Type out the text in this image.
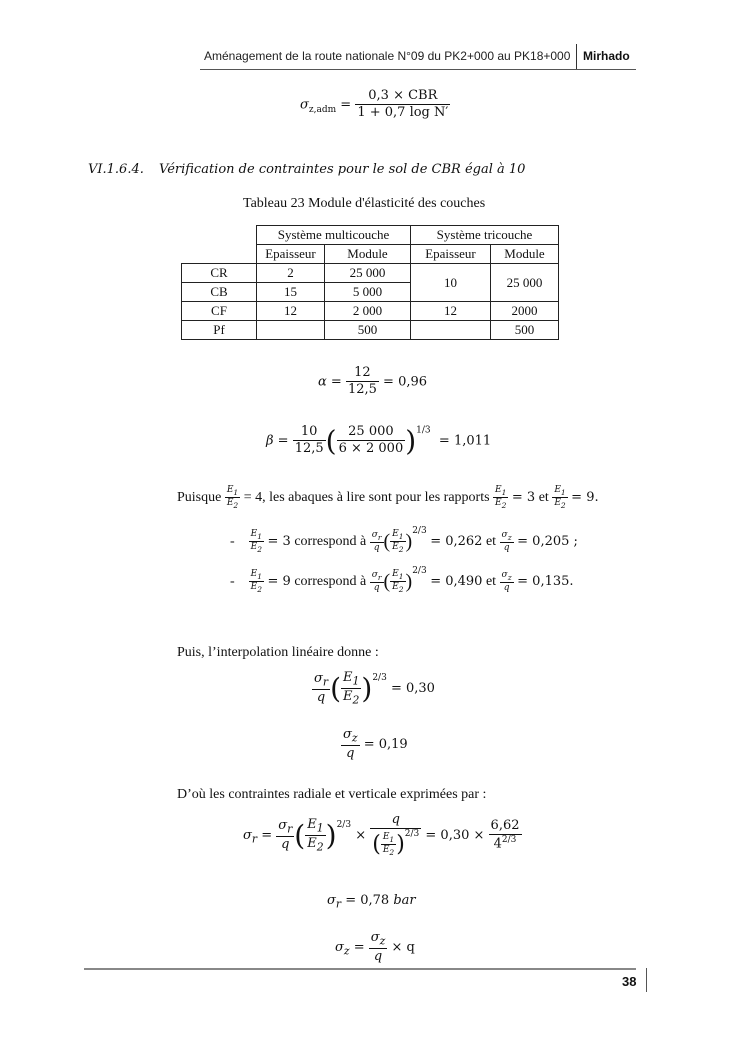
Aménagement de la route nationale N°09 du PK2+000 au PK18+000 Mirhado
$\sigma_{z,adm} = \frac{\text{0,3 × CBR}}{\text{1 + 0,7 log N′}}$
VI.1.6.4. Vérification de contraintes pour le sol de CBR égal à 10
Tableau 23 Module d'élasticité des couches
	Système multicouche		Système tricouche	
	Epaisseur	Module	Epaisseur	Module
CR	2	25 000	10	25 000
CB	15	5 000		
CF	12	2 000	12	2000
Pf		500		500
$\alpha = \frac{12}{12,5} = 0,96$
$\beta = \frac{10}{12,5}$ ( $\frac{25 000}{6 \times 2 000} )^{1/3} = 1,011$
Puisque $\frac{E_1}{E_2} = 4$, les abaques à lire sont pour les rapports $\frac{E_1}{E_2} = 3$ et $\frac{E_1}{E_2} = 9$.
- $\frac{E_1}{E_2} = 3$ correspond à $\frac{\sigma_r}{q}$ ( $\frac{E_1}{E_2} )^{2/3} = 0,262$ et $\frac{\sigma_z}{q} = 0,205$ ;
- $\frac{E_1}{E_2} = 9$ correspond à $\frac{\sigma_r}{q}$ ( $\frac{E_1}{E_2} )^{2/3} = 0,490$ et $\frac{\sigma_z}{q} = 0,135$.
Puis, l’interpolation linéaire donne :
$\frac{\sigma_r}{q}$ ( $\frac{E_1}{E_2} )^{2/3} = 0,30$
$\frac{\sigma_z}{q} = 0,19$
D’où les contraintes radiale et verticale exprimées par :
$\sigma_r = \frac{\sigma_r}{q}$ ( $\frac{E_1}{E_2} )^{2/3} \times \frac{q}{( \frac{E_1}{E_2} )^{2/3}} = 0,30 \times \frac{6,62}{4^{2/3}}$
$\sigma_r = 0,78$ bar
$\sigma_z = \frac{\sigma_z}{q} \times q$
38
